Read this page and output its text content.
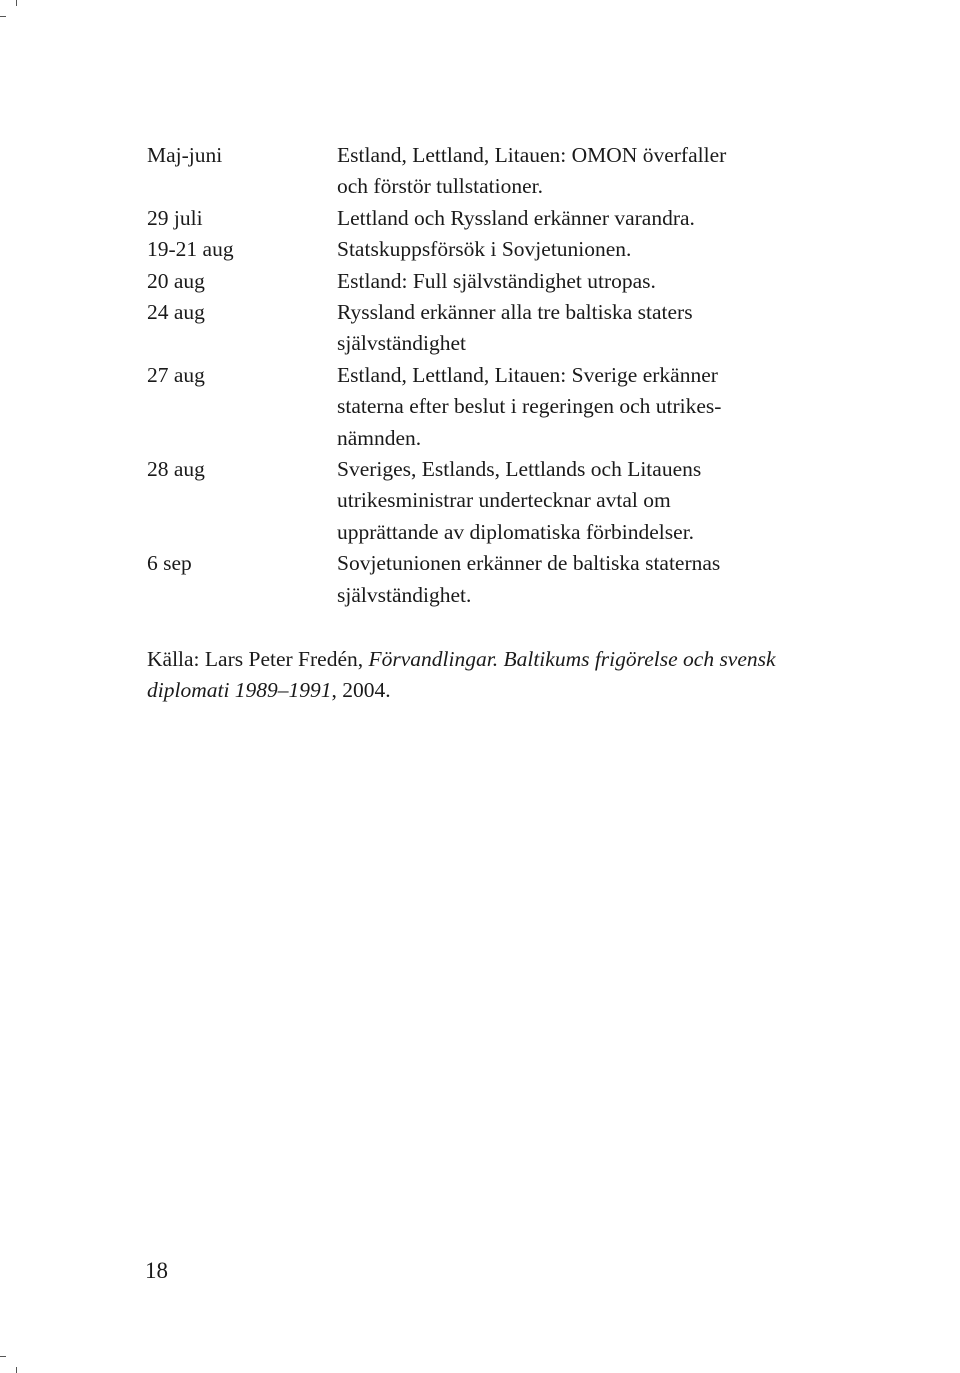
Maj-juni	Estland, Lettland, Litauen: OMON överfaller
och förstör tullstationer.
29 juli	Lettland och Ryssland erkänner varandra.
19-21 aug	Statskuppsförsök i Sovjetunionen.
20 aug	Estland: Full självständighet utropas.
24 aug	Ryssland erkänner alla tre baltiska staters
självständighet
27 aug	Estland, Lettland, Litauen: Sverige erkänner
staterna efter beslut i regeringen och utrikes-
nämnden.
28 aug	Sveriges, Estlands, Lettlands och Litauens
utrikesministrar undertecknar avtal om
upprättande av diplomatiska förbindelser.
6 sep	Sovjetunionen erkänner de baltiska staternas
självständighet.
Källa: Lars Peter Fredén, Förvandlingar. Baltikums frigörelse och svensk
diplomati 1989–1991, 2004.
18
